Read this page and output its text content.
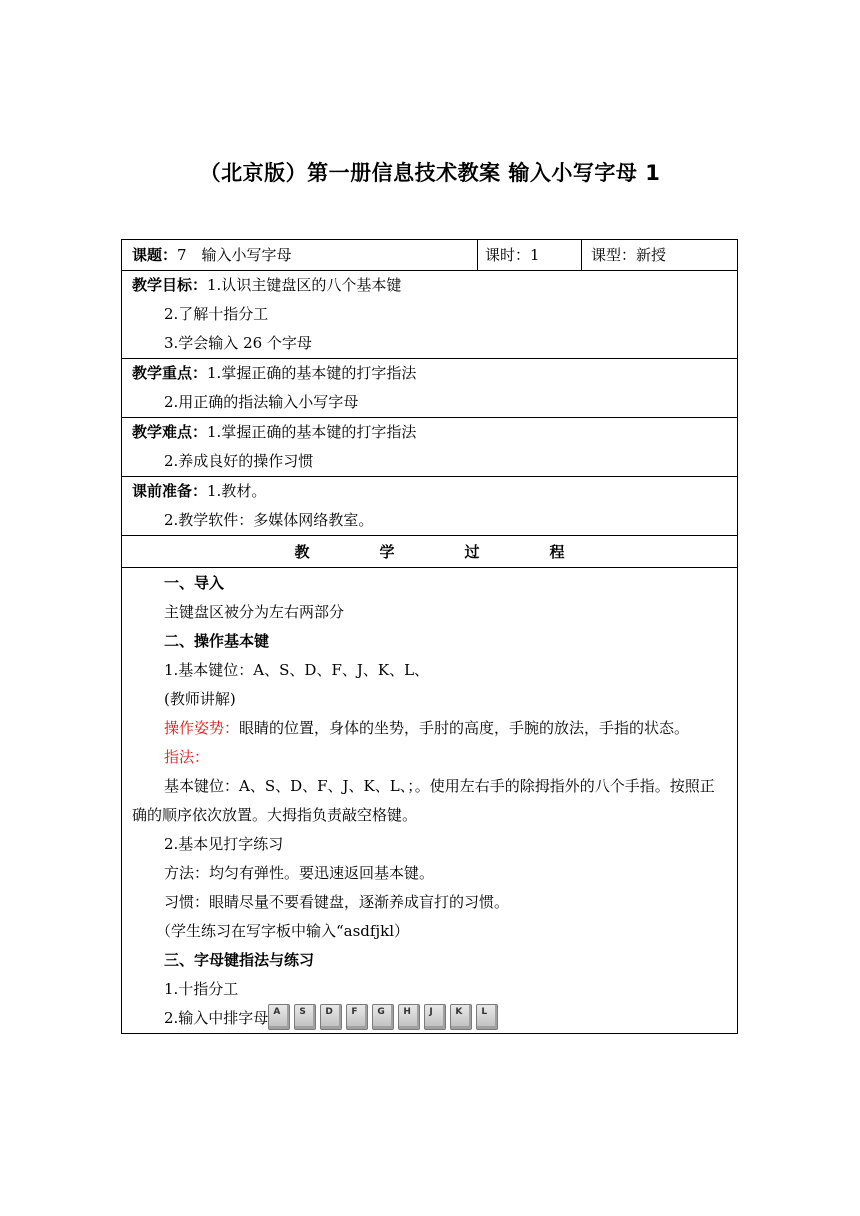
（北京版）第一册信息技术教案 输入小写字母 1
课题：7　输入小写字母	课时：1	课型：新授
教学目标：1.认识主键盘区的八个基本键
2.了解十指分工
3.学会输入 26 个字母
教学重点：1.掌握正确的基本键的打字指法
2.用正确的指法输入小写字母
教学难点：1.掌握正确的基本键的打字指法
2.养成良好的操作习惯
课前准备：1.教材。
2.教学软件：多媒体网络教室。
教	学	过	程
一、导入
主键盘区被分为左右两部分
二、操作基本键
1.基本键位：A、S、D、F、J、K、L、
(教师讲解)
操作姿势：眼睛的位置，身体的坐势，手肘的高度，手腕的放法，手指的状态。
指法：
基本键位：A、S、D、F、J、K、L、；。使用左右手的除拇指外的八个手指。按照正确的顺序依次放置。大拇指负责敲空格键。
2.基本见打字练习
方法：均匀有弹性。要迅速返回基本键。
习惯：眼睛尽量不要看键盘，逐渐养成盲打的习惯。
（学生练习在写字板中输入“asdfjkl）
三、字母键指法与练习
1.十指分工
2.输入中排字母 A	S	D	F	G	H	J	K	L
